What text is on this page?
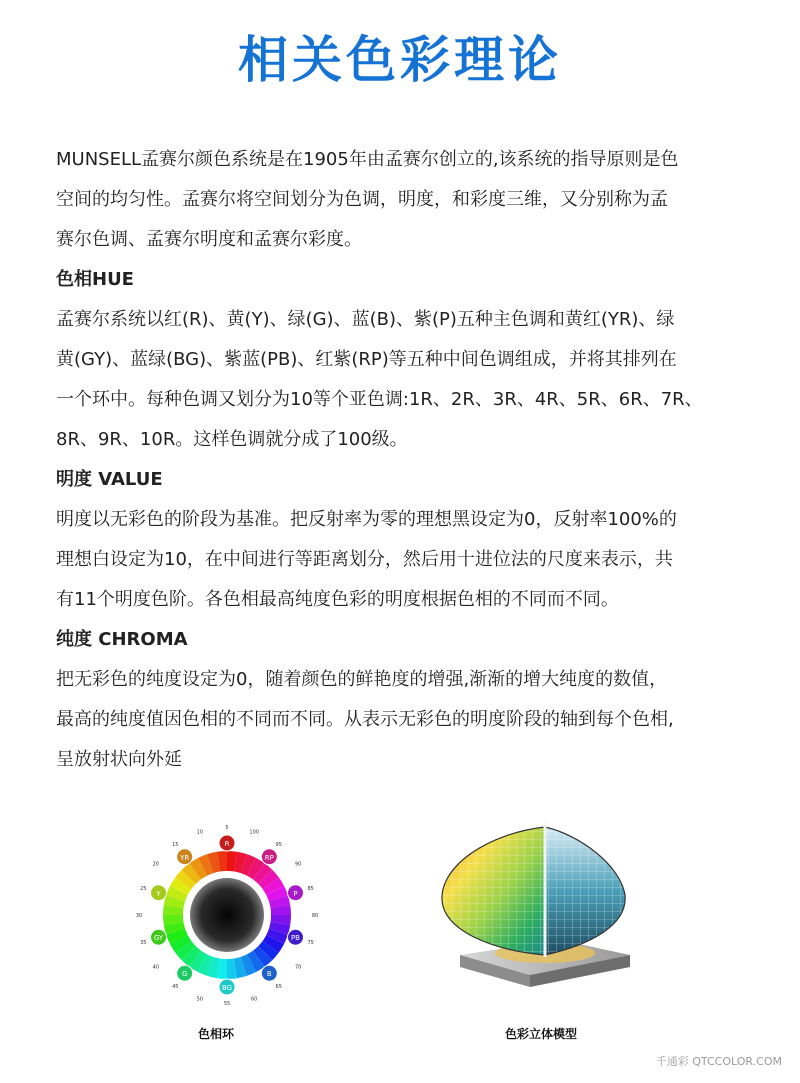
相关色彩理论

MUNSELL孟赛尔颜色系统是在1905年由孟赛尔创立的,该系统的指导原则是色

空间的均匀性。孟赛尔将空间划分为色调，明度，和彩度三维，又分别称为孟

赛尔色调、孟赛尔明度和孟赛尔彩度。

色相HUE

孟赛尔系统以红(R)、黄(Y)、绿(G)、蓝(B)、紫(P)五种主色调和黄红(YR)、绿

黄(GY)、蓝绿(BG)、紫蓝(PB)、红紫(RP)等五种中间色调组成，并将其排列在

一个环中。每种色调又划分为10等个亚色调:1R、2R、3R、4R、5R、6R、7R、

8R、9R、10R。这样色调就分成了100级。

明度 VALUE

明度以无彩色的阶段为基准。把反射率为零的理想黑设定为0，反射率100%的

理想白设定为10，在中间进行等距离划分，然后用十进位法的尺度来表示，共

有11个明度色阶。各色相最高纯度色彩的明度根据色相的不同而不同。

纯度 CHROMA

把无彩色的纯度设定为0，随着颜色的鲜艳度的增强,渐渐的增大纯度的数值，

最高的纯度值因色相的不同而不同。从表示无彩色的明度阶段的轴到每个色相,

呈放射状向外延

R
RP
P
PB
B
BG
G
GY
Y
YR
5
100
95
90
85
80
75
70
65
60
55
50
45
40
35
30
25
20
15
10
色相环	色彩立体模型
千通彩 QTCCOLOR.COM
